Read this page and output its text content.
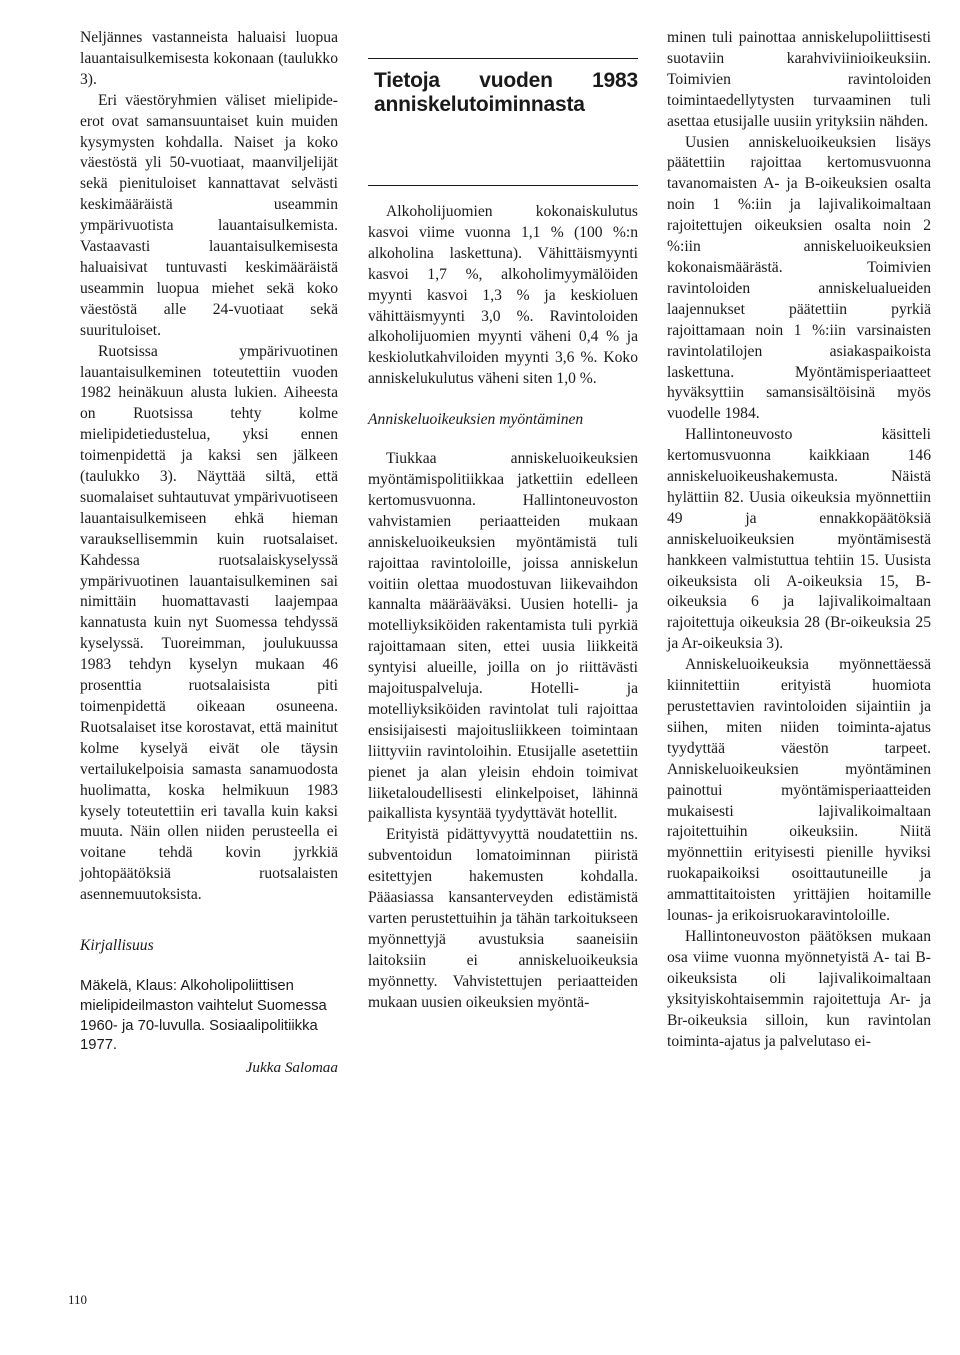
Neljännes vastanneista haluaisi luopua lauantaisulkemisesta kokonaan (taulukko 3).

Eri väestöryhmien väliset mielipide-erot ovat samansuuntaiset kuin muiden kysymysten kohdalla. Naiset ja koko väestöstä yli 50-vuotiaat, maanviljelijät sekä pienituloiset kannattavat selvästi keskimääräistä useammin ympärivuotista lauantaisulkemista. Vastaavasti lauantaisulkemisesta haluaisivat tuntuvasti keskimääräistä useammin luopua miehet sekä koko väestöstä alle 24-vuotiaat sekä suurituloiset.

Ruotsissa ympärivuotinen lauantaisulkeminen toteutettiin vuoden 1982 heinäkuun alusta lukien. Aiheesta on Ruotsissa tehty kolme mielipidetiedustelua, yksi ennen toimenpidettä ja kaksi sen jälkeen (taulukko 3). Näyttää siltä, että suomalaiset suhtautuvat ympärivuotiseen lauantaisulkemiseen ehkä hieman varauksellisemmin kuin ruotsalaiset. Kahdessa ruotsalaiskyselyssä ympärivuotinen lauantaisulkeminen sai nimittäin huomattavasti laajempaa kannatusta kuin nyt Suomessa tehdyssä kyselyssä. Tuoreimman, joulukuussa 1983 tehdyn kyselyn mukaan 46 prosenttia ruotsalaisista piti toimenpidettä oikeaan osuneena. Ruotsalaiset itse korostavat, että mainitut kolme kyselyä eivät ole täysin vertailukelpoisia samasta sanamuodosta huolimatta, koska helmikuun 1983 kysely toteutettiin eri tavalla kuin kaksi muuta. Näin ollen niiden perusteella ei voitane tehdä kovin jyrkkiä johtopäätöksiä ruotsalaisten asennemuutoksista.

Kirjallisuus

Mäkelä, Klaus: Alkoholipoliittisen mielipideilmaston vaihtelut Suomessa 1960- ja 70-luvulla. Sosiaalipolitiikka 1977.

Jukka Salomaa

Tietoja vuoden 1983 anniskelutoiminnasta

Alkoholijuomien kokonaiskulutus kasvoi viime vuonna 1,1 % (100 %:n alkoholina laskettuna). Vähittäismyynti kasvoi 1,7 %, alkoholimyymälöiden myynti kasvoi 1,3 % ja keskioluen vähittäismyynti 3,0 %. Ravintoloiden alkoholijuomien myynti väheni 0,4 % ja keskiolutkahviloiden myynti 3,6 %. Koko anniskelukulutus väheni siten 1,0 %.

Anniskeluoikeuksien myöntäminen

Tiukkaa anniskeluoikeuksien myöntämispolitiikkaa jatkettiin edelleen kertomusvuonna. Hallintoneuvoston vahvistamien periaatteiden mukaan anniskeluoikeuksien myöntämistä tuli rajoittaa ravintoloille, joissa anniskelun voitiin olettaa muodostuvan liikevaihdon kannalta määrääväksi. Uusien hotelli- ja motelliyksiköiden rakentamista tuli pyrkiä rajoittamaan siten, ettei uusia liikkeitä syntyisi alueille, joilla on jo riittävästi majoituspalveluja. Hotelli- ja motelliyksiköiden ravintolat tuli rajoittaa ensisijaisesti majoitusliikkeen toimintaan liittyviin ravintoloihin. Etusijalle asetettiin pienet ja alan yleisin ehdoin toimivat liiketaloudellisesti elinkelpoiset, lähinnä paikallista kysyntää tyydyttävät hotellit.

Erityistä pidättyvyyttä noudatettiin ns. subventoidun lomatoiminnan piiristä esitettyjen hakemusten kohdalla. Pääasiassa kansanterveyden edistämistä varten perustettuihin ja tähän tarkoitukseen myönnettyjä avustuksia saaneisiin laitoksiin ei anniskeluoikeuksia myönnetty. Vahvistettujen periaatteiden mukaan uusien oikeuksien myöntä-

minen tuli painottaa anniskelupoliittisesti suotaviin karahviviinioikeuksiin. Toimivien ravintoloiden toimintaedellytysten turvaaminen tuli asettaa etusijalle uusiin yrityksiin nähden.

Uusien anniskeluoikeuksien lisäys päätettiin rajoittaa kertomusvuonna tavanomaisten A- ja B-oikeuksien osalta noin 1 %:iin ja lajivalikoimaltaan rajoitettujen oikeuksien osalta noin 2 %:iin anniskeluoikeuksien kokonaismäärästä. Toimivien ravintoloiden anniskelualueiden laajennukset päätettiin pyrkiä rajoittamaan noin 1 %:iin varsinaisten ravintolatilojen asiakaspaikoista laskettuna. Myöntämisperiaatteet hyväksyttiin samansisältöisinä myös vuodelle 1984.

Hallintoneuvosto käsitteli kertomusvuonna kaikkiaan 146 anniskeluoikeushakemusta. Näistä hylättiin 82. Uusia oikeuksia myönnettiin 49 ja ennakkopäätöksiä anniskeluoikeuksien myöntämisestä hankkeen valmistuttua tehtiin 15. Uusista oikeuksista oli A-oikeuksia 15, B-oikeuksia 6 ja lajivalikoimaltaan rajoitettuja oikeuksia 28 (Br-oikeuksia 25 ja Ar-oikeuksia 3).

Anniskeluoikeuksia myönnettäessä kiinnitettiin erityistä huomiota perustettavien ravintoloiden sijaintiin ja siihen, miten niiden toiminta-ajatus tyydyttää väestön tarpeet. Anniskeluoikeuksien myöntäminen painottui myöntämisperiaatteiden mukaisesti lajivalikoimaltaan rajoitettuihin oikeuksiin. Niitä myönnettiin erityisesti pienille hyviksi ruokapaikoiksi osoittautuneille ja ammattitaitoisten yrittäjien hoitamille lounas- ja erikoisruokaravintoloille.

Hallintoneuvoston päätöksen mukaan osa viime vuonna myönnetyistä A- tai B-oikeuksista oli lajivalikoimaltaan yksityiskohtaisemmin rajoitettuja Ar- ja Br-oikeuksia silloin, kun ravintolan toiminta-ajatus ja palvelutaso ei-

110
